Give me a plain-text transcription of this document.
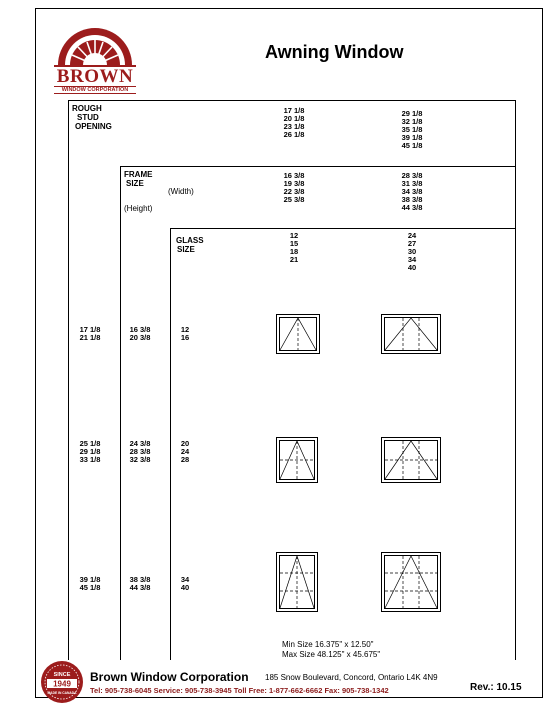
BROWN
WINDOW CORPORATION
Awning Window
ROUGH
STUD
OPENING
17 1/8
20 1/8
23 1/8
26 1/8
29 1/8
32 1/8
35 1/8
39 1/8
45 1/8
FRAME
SIZE
(Width)
(Height)
16 3/8
19 3/8
22 3/8
25 3/8
28 3/8
31 3/8
34 3/8
38 3/8
44 3/8
GLASS
SIZE
12
15
18
21
24
27
30
34
40
17 1/8
21 1/8
16 3/8
20 3/8
12
16
25 1/8
29 1/8
33 1/8
24 3/8
28 3/8
32 3/8
20
24
28
39 1/8
45 1/8
38 3/8
44 3/8
34
40
Min Size 16.375" x 12.50"
Max Size 48.125" x 45.675"
SINCE
1949
MADE IN CANADA
Brown Window Corporation 185 Snow Boulevard, Concord, Ontario L4K 4N9
Tel: 905-738-6045 Service: 905-738-3945 Toll Free: 1-877-662-6662 Fax: 905-738-1342	Rev.: 10.15
